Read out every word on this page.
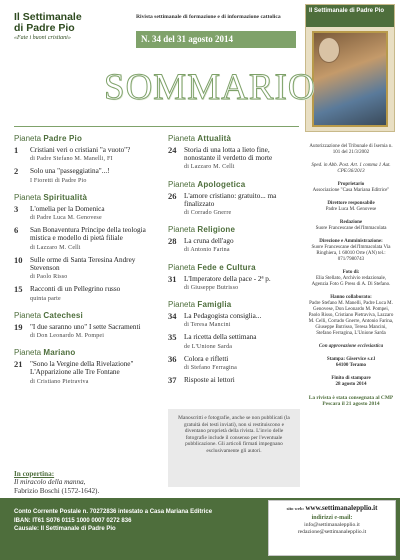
Il Settimanale
di Padre Pio
«Fate i buoni cristiani»
Rivista settimanale di formazione e di informazione cattolica
N. 34 del 31 agosto 2014
Il Settimanale di Padre Pio
SOMMARIO
Pianeta Padre Pio
1	Cristiani veri o cristiani "a vuoto"?
di Padre Stefano M. Manelli, FI
2	Solo una "passeggiatina"...!
I Fioretti di Padre Pio
Pianeta Spiritualità
3	L'omelia per la Domenica
di Padre Luca M. Genovese
6	San Bonaventura Principe della teologia mistica e modello di pietà filiale
di Lazzaro M. Celli
10	Sulle orme di Santa Teresina Andrey Stevenson
di Paolo Risso
15	Racconti di un Pellegrino russo
quinta parte
Pianeta Catechesi
19	"I due saranno uno" I sette Sacramenti
di Don Leonardo M. Pompei
Pianeta Mariano
21	"Sono la Vergine della Rivelazione" L'Apparizione alle Tre Fontane
di Cristiano Pietraviva
In copertina:
Il miracolo della manna,
Fabrizio Boschi (1572-1642).
Pianeta Attualità
24	Storia di una lotta a lieto fine, nonostante il verdetto di morte
di Lazzaro M. Celli
Pianeta Apologetica
26	L'amore cristiano: gratuito... ma finalizzato
di Corrado Gnerre
Pianeta Religione
28	La cruna dell'ago
di Antonio Farina
Pianeta Fede e Cultura
31	L'Imperatore della pace - 2ª p.
di Giuseppe Butrisso
Pianeta Famiglia
34	La Pedagogista consiglia...
di Teresa Mancini
35	La ricetta della settimana
de L'Unione Sarda
36	Colora e rifletti
di Stefano Ferragina
37	Risposte ai lettori
Manoscritti e fotografie, anche se non pubblicati (la gratuità dei testi inviati), non si restituiscono e diventano proprietà della rivista. L'invio delle fotografie include il consenso per l'eventuale pubblicazione. Gli articoli firmati impegnano esclusivamente gli autori.
Autorizzazione del Tribunale di Isernia n. 101 del 21/3/2002
Sped. in Abb. Post. Art. 1 comma 1 Aut. CPE/36/2013
Proprietario
Associazione "Casa Mariana Editrice"
Direttore responsabile
Padre Luca M. Genovese
Redazione
Suore Francescane dell'Immacolata
Direzione e Amministrazione:
Suore Francescane dell'Immacolata Via Ringhiera, 1 60010 Orte (AN) tel.: 071/7980743
Foto di:
Elia Stellato, Archivio redazionale, Agenzia Foto G Press di A. Di Stefano.
Hanno collaborato:
Padre Stefano M. Manelli, Padre Luca M. Genovese, Don Leonardo M. Pompei, Paolo Risso, Cristiano Pietraviva, Lazzaro M. Celli, Corrado Gnerre, Antonio Farina, Giuseppe Butrisso, Teresa Mancini, Stefano Ferragina, L'Unione Sarda
Con approvazione ecclesiastica
Stampa: Giservice s.r.l
64100 Teramo
Finito di stampare
28 agosto 2014
La rivista è stata consegnata al CMP Pescara il 21 agosto 2014
Conto Corrente Postale n. 70272836 intestato a Casa Mariana Editrice
IBAN: IT61 S076 0115 1000 0007 0272 836
Causale: Il Settimanale di Padre Pio
sito web: www.settimanalepplio.it
indirizzi e-mail:
info@settimanalepplio.it
redazione@settimanalepplio.it
